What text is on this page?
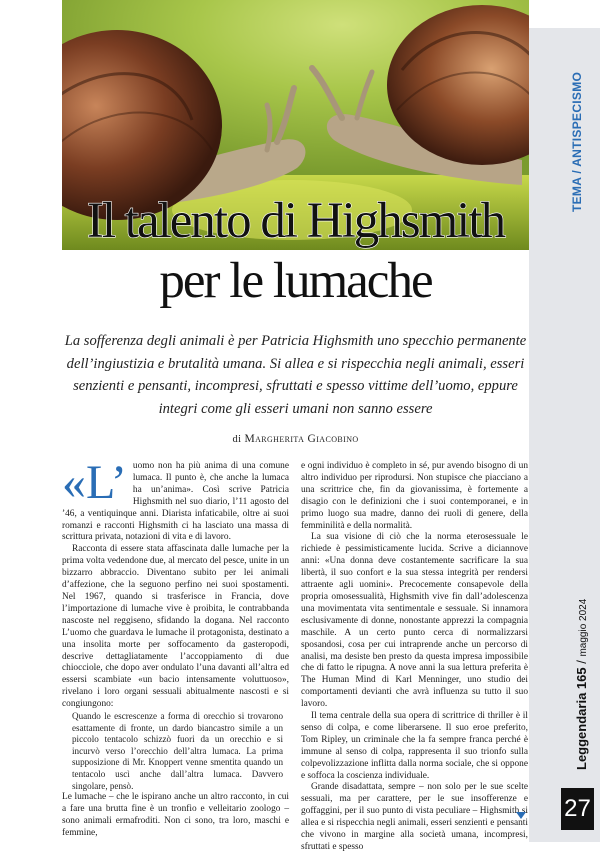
Il talento di Highsmith
per le lumache
TEMA / ANTISPECISMO
Leggendaria 165 / maggio 2024
27
La sofferenza degli animali è per Patricia Highsmith uno specchio permanente dell’ingiustizia e brutalità umana. Si allea e si rispecchia negli animali, esseri senzienti e pensanti, incompresi, sfruttati e spesso vittime dell’uomo, eppure integri come gli esseri umani non sanno essere
di Margherita Giacobino
«L’ uomo non ha più anima di una comune lumaca. Il punto è, che anche la lumaca ha un’anima». Così scrive Patricia Highsmith nel suo diario, l’11 agosto del ’46, a ventiquinque anni. Diarista infaticabile, oltre ai suoi romanzi e racconti Highsmith ci ha lasciato una massa di scrittura privata, notazioni di vita e di lavoro.

Racconta di essere stata affascinata dalle lumache per la prima volta vedendone due, al mercato del pesce, unite in un bizzarro abbraccio. Diventano subito per lei animali d’affezione, che la seguono perfino nei suoi spostamenti. Nel 1967, quando si trasferisce in Francia, dove l’importazione di lumache vive è proibita, le contrabbanda nascoste nel reggiseno, sfidando la dogana. Nel racconto L’uomo che guardava le lumache il protagonista, destinato a una insolita morte per soffocamento da gasteropodi, descrive dettagliatamente l’accoppiamento di due chiocciole, che dopo aver ondulato l’una davanti all’altra ed essersi scambiate «un bacio intensamente voluttuoso», rivelano i loro organi sessuali abitualmente nascosti e si congiungono:

Quando le escrescenze a forma di orecchio si trovarono esattamente di fronte, un dardo biancastro simile a un piccolo tentacolo schizzò fuori da un orecchio e si incurvò verso l’orecchio dell’altra lumaca. La prima supposizione di Mr. Knoppert venne smentita quando un tentacolo uscì anche dall’altra lumaca. Davvero singolare, pensò.

Le lumache – che le ispirano anche un altro racconto, in cui a fare una brutta fine è un tronfio e velleitario zoologo – sono animali ermafroditi. Non ci sono, tra loro, maschi e femmine,

e ogni individuo è completo in sé, pur avendo bisogno di un altro individuo per riprodursi. Non stupisce che piacciano a una scrittrice che, fin da giovanissima, è fortemente a disagio con le definizioni che i suoi contemporanei, e in primo luogo sua madre, danno dei ruoli di genere, della femminilità e della normalità.

La sua visione di ciò che la norma eterosessuale le richiede è pessimisticamente lucida. Scrive a diciannove anni: «Una donna deve costantemente sacrificare la sua libertà, il suo confort e la sua stessa integrità per rendersi attraente agli uomini». Precocemente consapevole della propria omosessualità, Highsmith vive fin dall’adolescenza una movimentata vita sentimentale e sessuale. Si innamora esclusivamente di donne, nonostante apprezzi la compagnia maschile. A un certo punto cerca di normalizzarsi sposandosi, cosa per cui intraprende anche un percorso di analisi, ma desiste ben presto da questa impresa impossibile che di fatto le ripugna. A nove anni la sua lettura preferita è The Human Mind di Karl Menninger, uno studio dei comportamenti devianti che avrà influenza su tutto il suo lavoro.

Il tema centrale della sua opera di scrittrice di thriller è il senso di colpa, e come liberarsene. Il suo eroe preferito, Tom Ripley, un criminale che la fa sempre franca perché è immune al senso di colpa, rappresenta il suo trionfo sulla colpevolizzazione inflitta dalla norma sociale, che si oppone e soffoca la coscienza individuale.

Grande disadattata, sempre – non solo per le sue scelte sessuali, ma per carattere, per le sue insofferenze e goffaggini, per il suo punto di vista peculiare – Highsmith si allea e si rispecchia negli animali, esseri senzienti e pensanti che vivono in margine alla società umana, incompresi, sfruttati e spesso
